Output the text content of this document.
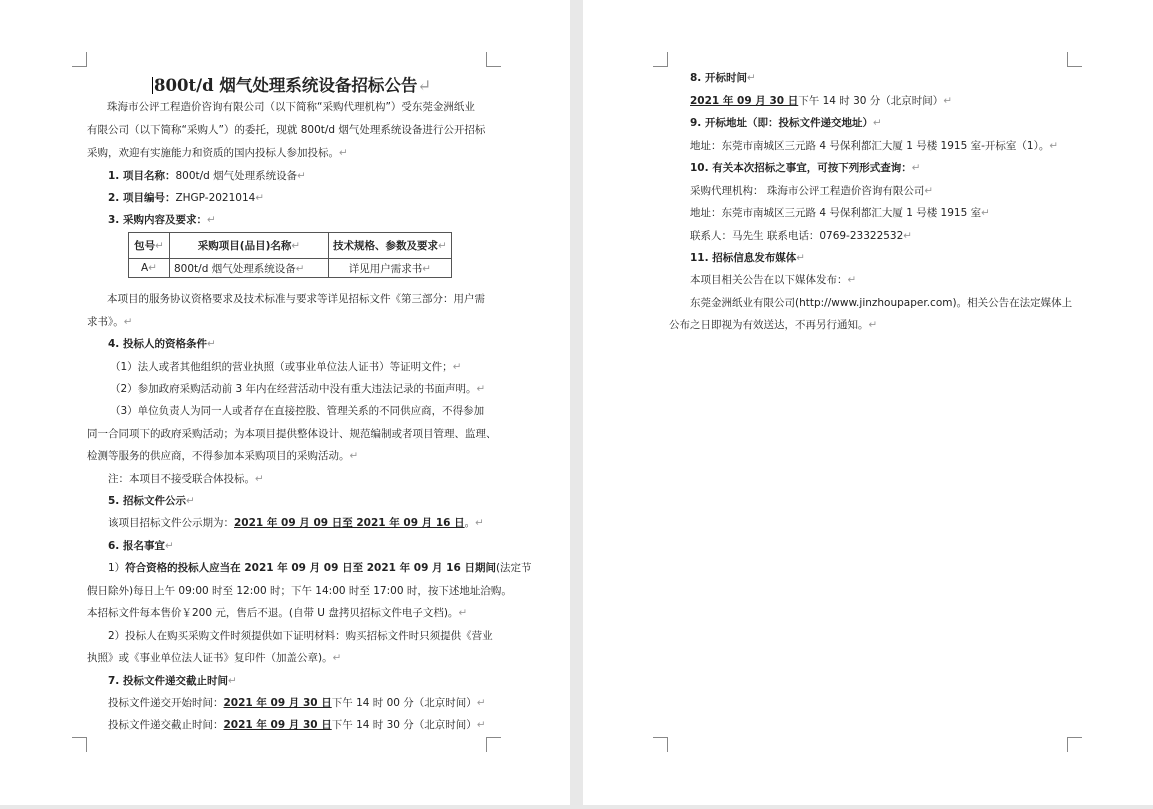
800t/d 烟气处理系统设备招标公告↵
珠海市公评工程造价咨询有限公司（以下简称“采购代理机构”）受东莞金洲纸业
有限公司（以下简称“采购人”）的委托，现就 800t/d 烟气处理系统设备进行公开招标
采购，欢迎有实施能力和资质的国内投标人参加投标。↵
1. 项目名称：800t/d 烟气处理系统设备↵
2. 项目编号：ZHGP-2021014↵
3. 采购内容及要求：↵
包号↵	采购项目(品目)名称↵	技术规格、参数及要求↵
A↵	800t/d 烟气处理系统设备↵	详见用户需求书↵
本项目的服务协议资格要求及技术标准与要求等详见招标文件《第三部分：用户需
求书》。↵
4. 投标人的资格条件↵
（1）法人或者其他组织的营业执照（或事业单位法人证书）等证明文件；↵
（2）参加政府采购活动前 3 年内在经营活动中没有重大违法记录的书面声明。↵
（3）单位负责人为同一人或者存在直接控股、管理关系的不同供应商，不得参加
同一合同项下的政府采购活动；为本项目提供整体设计、规范编制或者项目管理、监理、
检测等服务的供应商，不得参加本采购项目的采购活动。↵
注：本项目不接受联合体投标。↵
5. 招标文件公示↵
该项目招标文件公示期为：2021 年 09 月 09 日至 2021 年 09 月 16 日。↵
6. 报名事宜↵
1）符合资格的投标人应当在 2021 年 09 月 09 日至 2021 年 09 月 16 日期间(法定节
假日除外)每日上午 09:00 时至 12:00 时；下午 14:00 时至 17:00 时，按下述地址洽购。
本招标文件每本售价￥200 元，售后不退。(自带 U 盘拷贝招标文件电子文档)。↵
2）投标人在购买采购文件时须提供如下证明材料：购买招标文件时只须提供《营业
执照》或《事业单位法人证书》复印件（加盖公章)。↵
7. 投标文件递交截止时间↵
投标文件递交开始时间：2021 年 09 月 30 日下午 14 时 00 分（北京时间）↵
投标文件递交截止时间：2021 年 09 月 30 日下午 14 时 30 分（北京时间）↵
8. 开标时间↵
2021 年 09 月 30 日下午 14 时 30 分（北京时间）↵
9. 开标地址（即：投标文件递交地址）↵
地址：东莞市南城区三元路 4 号保利都汇大厦 1 号楼 1915 室-开标室（1）。↵
10. 有关本次招标之事宜，可按下列形式查询：↵
采购代理机构： 珠海市公评工程造价咨询有限公司↵
地址：东莞市南城区三元路 4 号保利都汇大厦 1 号楼 1915 室↵
联系人：马先生 联系电话：0769-23322532↵
11. 招标信息发布媒体↵
本项目相关公告在以下媒体发布：↵
东莞金洲纸业有限公司(http://www.jinzhoupaper.com)。相关公告在法定媒体上
公布之日即视为有效送达，不再另行通知。↵
